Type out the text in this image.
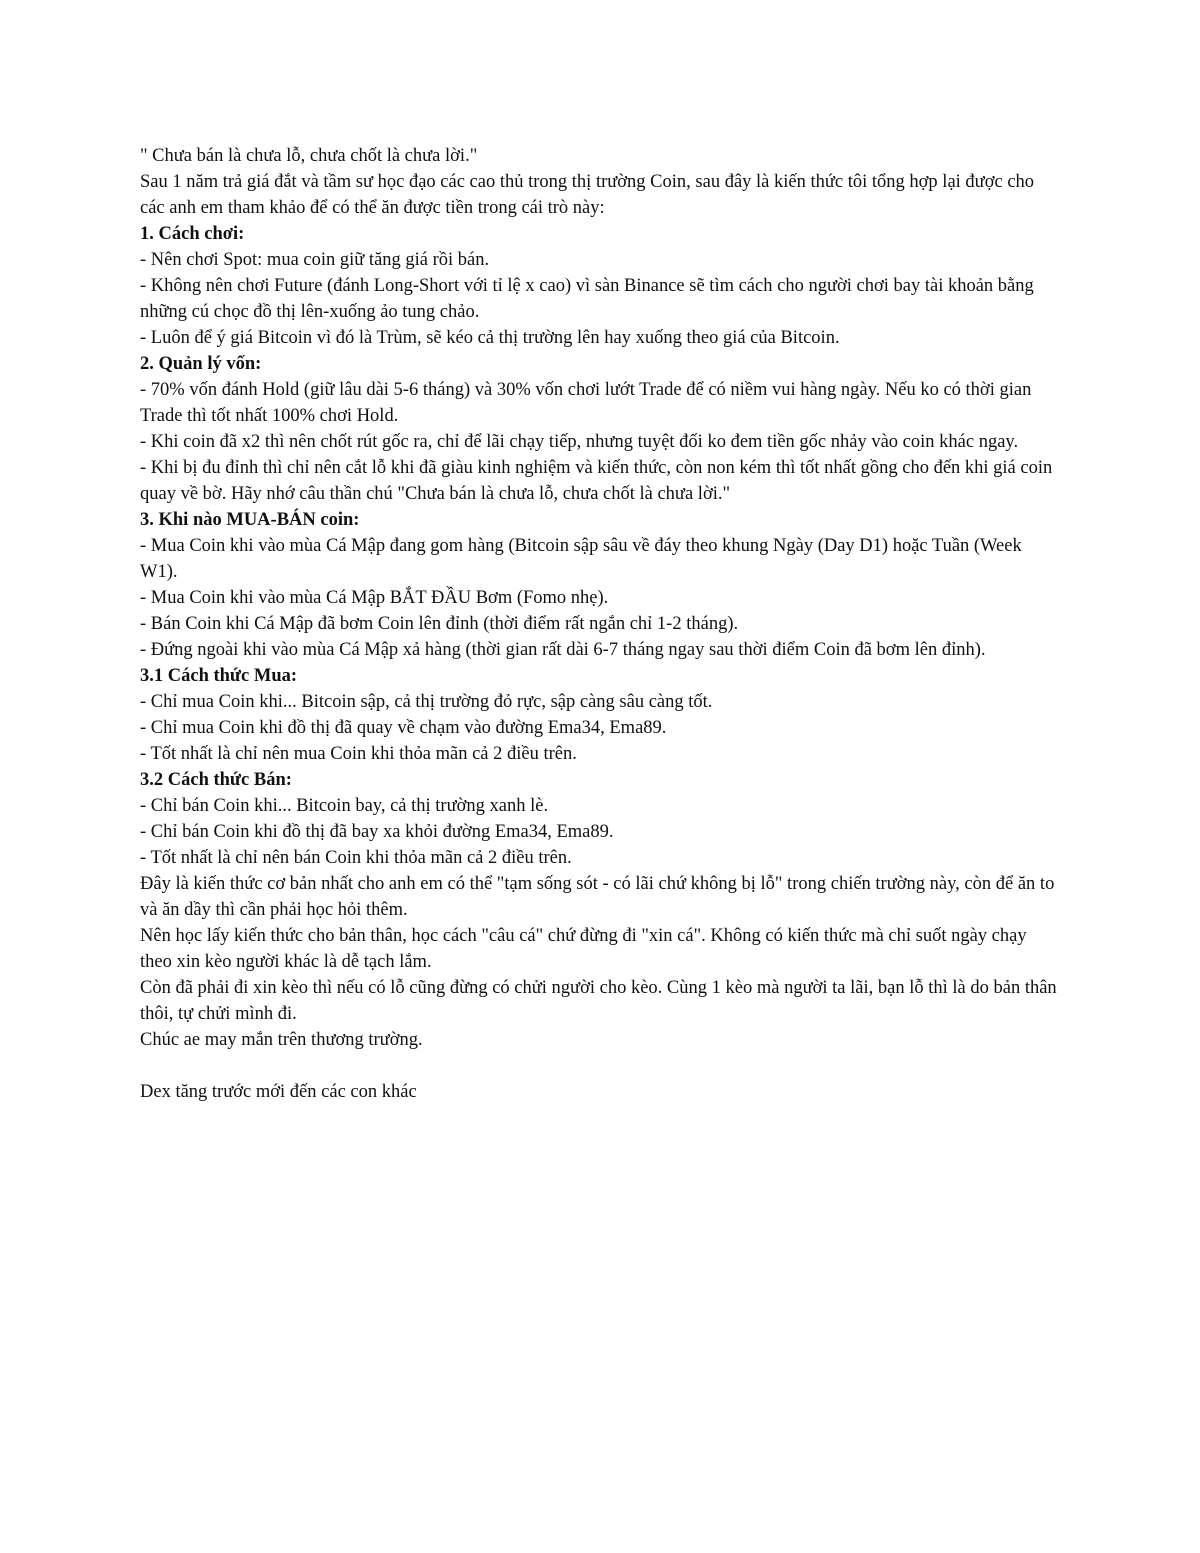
" Chưa bán là chưa lỗ, chưa chốt là chưa lời."

Sau 1 năm trả giá đắt và tầm sư học đạo các cao thủ trong thị trường Coin, sau đây là kiến thức tôi tổng hợp lại được cho các anh em tham khảo để có thể ăn được tiền trong cái trò này:

1. Cách chơi:

- Nên chơi Spot: mua coin giữ tăng giá rồi bán.

- Không nên chơi Future (đánh Long-Short với tỉ lệ x cao) vì sàn Binance sẽ tìm cách cho người chơi bay tài khoản bằng những cú chọc đồ thị lên-xuống ảo tung chảo.

- Luôn để ý giá Bitcoin vì đó là Trùm, sẽ kéo cả thị trường lên hay xuống theo giá của Bitcoin.

2. Quản lý vốn:

- 70% vốn đánh Hold (giữ lâu dài 5-6 tháng) và 30% vốn chơi lướt Trade để có niềm vui hàng ngày. Nếu ko có thời gian Trade thì tốt nhất 100% chơi Hold.

- Khi coin đã x2 thì nên chốt rút gốc ra, chỉ để lãi chạy tiếp, nhưng tuyệt đối ko đem tiền gốc nhảy vào coin khác ngay.

- Khi bị đu đỉnh thì chỉ nên cắt lỗ khi đã giàu kinh nghiệm và kiến thức, còn non kém thì tốt nhất gồng cho đến khi giá coin quay về bờ. Hãy nhớ câu thần chú "Chưa bán là chưa lỗ, chưa chốt là chưa lời."

3. Khi nào MUA-BÁN coin:

- Mua Coin khi vào mùa Cá Mập đang gom hàng (Bitcoin sập sâu về đáy theo khung Ngày (Day D1) hoặc Tuần (Week W1).

- Mua Coin khi vào mùa Cá Mập BẮT ĐẦU Bơm (Fomo nhẹ).

- Bán Coin khi Cá Mập đã bơm Coin lên đỉnh (thời điểm rất ngắn chỉ 1-2 tháng).

- Đứng ngoài khi vào mùa Cá Mập xả hàng (thời gian rất dài 6-7 tháng ngay sau thời điểm Coin đã bơm lên đỉnh).

3.1 Cách thức Mua:

- Chỉ mua Coin khi... Bitcoin sập, cả thị trường đỏ rực, sập càng sâu càng tốt.

- Chỉ mua Coin khi đồ thị đã quay về chạm vào đường Ema34, Ema89.

- Tốt nhất là chỉ nên mua Coin khi thỏa mãn cả 2 điều trên.

3.2 Cách thức Bán:

- Chỉ bán Coin khi... Bitcoin bay, cả thị trường xanh lè.

- Chỉ bán Coin khi đồ thị đã bay xa khỏi đường Ema34, Ema89.

- Tốt nhất là chỉ nên bán Coin khi thỏa mãn cả 2 điều trên.

Đây là kiến thức cơ bản nhất cho anh em có thể "tạm sống sót - có lãi chứ không bị lỗ" trong chiến trường này, còn để ăn to và ăn dầy thì cần phải học hỏi thêm.

Nên học lấy kiến thức cho bản thân, học cách "câu cá" chứ đừng đi "xin cá". Không có kiến thức mà chỉ suốt ngày chạy theo xin kèo người khác là dễ tạch lắm.

Còn đã phải đi xin kèo thì nếu có lỗ cũng đừng có chửi người cho kèo. Cùng 1 kèo mà người ta lãi, bạn lỗ thì là do bản thân thôi, tự chửi mình đi.

Chúc ae may mắn trên thương trường.

Dex tăng trước mới đến các con khác
